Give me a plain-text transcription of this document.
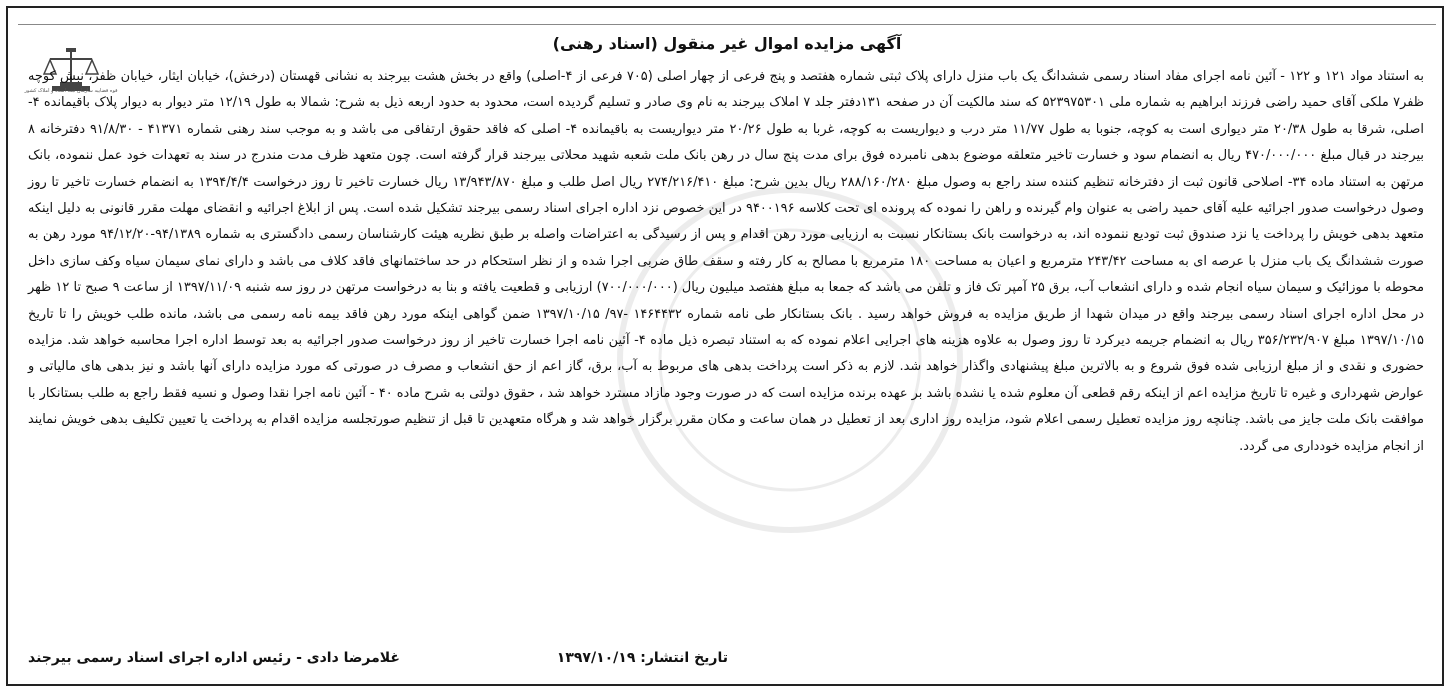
قوه قضاییه سازمان ثبت اسناد و املاک کشور
آگهی مزایده اموال غیر منقول (اسناد رهنی)
به استناد مواد ۱۲۱ و ۱۲۲ - آئین نامه اجرای مفاد اسناد رسمی ششدانگ یک باب منزل دارای پلاک ثبتی شماره هفتصد و پنج فرعی از چهار اصلی (۷۰۵ فرعی از ۴-اصلی) واقع در بخش هشت بیرجند به نشانی قهستان (درخش)، خیابان ایثار، خیابان ظفر، نبش کوچه ظفر۷ ملکی آقای حمید راضی فرزند ابراهیم به شماره ملی ۵۲۳۹۷۵۳۰۱ که سند مالکیت آن در صفحه ۱۳۱دفتر جلد ۷ املاک بیرجند به نام وی صادر و تسلیم گردیده است، محدود به حدود اربعه ذیل به شرح: شمالا به طول ۱۲/۱۹ متر دیوار به دیوار پلاک باقیمانده ۴-اصلی، شرقا به طول ۲۰/۳۸ متر دیواری است به کوچه، جنوبا به طول ۱۱/۷۷ متر درب و دیواریست به کوچه، غربا به طول ۲۰/۲۶ متر دیواریست به باقیمانده ۴- اصلی که فاقد حقوق ارتفاقی می باشد و به موجب سند رهنی شماره ۴۱۳۷۱ - ۹۱/۸/۳۰ دفترخانه ۸ بیرجند در قبال مبلغ ۴۷۰/۰۰۰/۰۰۰ ریال به انضمام سود و خسارت تاخیر متعلقه موضوع بدهی نامبرده فوق برای مدت پنج سال در رهن بانک ملت شعبه شهید محلاتی بیرجند قرار گرفته است. چون متعهد ظرف مدت مندرج در سند به تعهدات خود عمل ننموده، بانک مرتهن به استناد ماده ۳۴- اصلاحی قانون ثبت از دفترخانه تنظیم کننده سند راجع به وصول مبلغ ۲۸۸/۱۶۰/۲۸۰ ریال بدین شرح: مبلغ ۲۷۴/۲۱۶/۴۱۰ ریال اصل طلب و مبلغ ۱۳/۹۴۳/۸۷۰ ریال خسارت تاخیر تا روز درخواست ۱۳۹۴/۴/۴ به انضمام خسارت تاخیر تا روز وصول درخواست صدور اجرائیه علیه آقای حمید راضی به عنوان وام گیرنده و راهن را نموده که پرونده ای تحت کلاسه ۹۴۰۰۱۹۶ در این خصوص نزد اداره اجرای اسناد رسمی بیرجند تشکیل شده است. پس از ابلاغ اجرائیه و انقضای مهلت مقرر قانونی به دلیل اینکه متعهد بدهی خویش را پرداخت یا نزد صندوق ثبت تودیع ننموده اند، به درخواست بانک بستانکار نسبت به ارزیابی مورد رهن اقدام و پس از رسیدگی به اعتراضات واصله بر طبق نظریه هیئت کارشناسان رسمی دادگستری به شماره ۹۴/۱۳۸۹-۹۴/۱۲/۲۰ مورد رهن به صورت ششدانگ یک باب منزل با عرصه ای به مساحت ۲۴۳/۴۲ مترمربع و اعیان به مساحت ۱۸۰ مترمربع با مصالح به کار رفته و سقف طاق ضربی اجرا شده و از نظر استحکام در حد ساختمانهای فاقد کلاف می باشد و دارای نمای سیمان سیاه وکف سازی داخل محوطه با موزائیک و سیمان سیاه انجام شده و دارای انشعاب آب، برق ۲۵ آمپر تک فاز و تلفن می باشد که جمعا به مبلغ هفتصد میلیون ریال (۷۰۰/۰۰۰/۰۰۰) ارزیابی و قطعیت یافته و بنا به درخواست مرتهن در روز سه شنبه ۱۳۹۷/۱۱/۰۹ از ساعت ۹ صبح تا ۱۲ ظهر در محل اداره اجرای اسناد رسمی بیرجند واقع در میدان شهدا از طریق مزایده به فروش خواهد رسید . بانک بستانکار طی نامه شماره ۱۴۶۴۴۳۲ -۹۷/ ۱۳۹۷/۱۰/۱۵ ضمن گواهی اینکه مورد رهن فاقد بیمه نامه رسمی می باشد، مانده طلب خویش را تا تاریخ ۱۳۹۷/۱۰/۱۵ مبلغ ۳۵۶/۲۳۲/۹۰۷ ریال به انضمام جریمه دیرکرد تا روز وصول به علاوه هزینه های اجرایی اعلام نموده که به استناد تبصره ذیل ماده ۴- آئین نامه اجرا خسارت تاخیر از روز درخواست صدور اجرائیه به بعد توسط اداره اجرا محاسبه خواهد شد. مزایده حضوری و نقدی و از مبلغ ارزیابی شده فوق شروع و به بالاترین مبلغ پیشنهادی واگذار خواهد شد. لازم به ذکر است پرداخت بدهی های مربوط به آب، برق، گاز اعم از حق انشعاب و مصرف در صورتی که مورد مزایده دارای آنها باشد و نیز بدهی های مالیاتی و عوارض شهرداری و غیره تا تاریخ مزایده اعم از اینکه رقم قطعی آن معلوم شده یا نشده باشد بر عهده برنده مزایده است که در صورت وجود مازاد مسترد خواهد شد ، حقوق دولتی به شرح ماده ۴۰ - آئین نامه اجرا نقدا وصول و نسیه فقط راجع به طلب بستانکار با موافقت بانک ملت جایز می باشد. چنانچه روز مزایده تعطیل رسمی اعلام شود، مزایده روز اداری بعد از تعطیل در همان ساعت و مکان مقرر برگزار خواهد شد و هرگاه متعهدین تا قبل از تنظیم صورتجلسه مزایده اقدام به پرداخت یا تعیین تکلیف بدهی خویش نمایند از انجام مزایده خودداری می گردد.
تاریخ انتشار: ۱۳۹۷/۱۰/۱۹
غلامرضا دادی - رئیس اداره اجرای اسناد رسمی بیرجند
